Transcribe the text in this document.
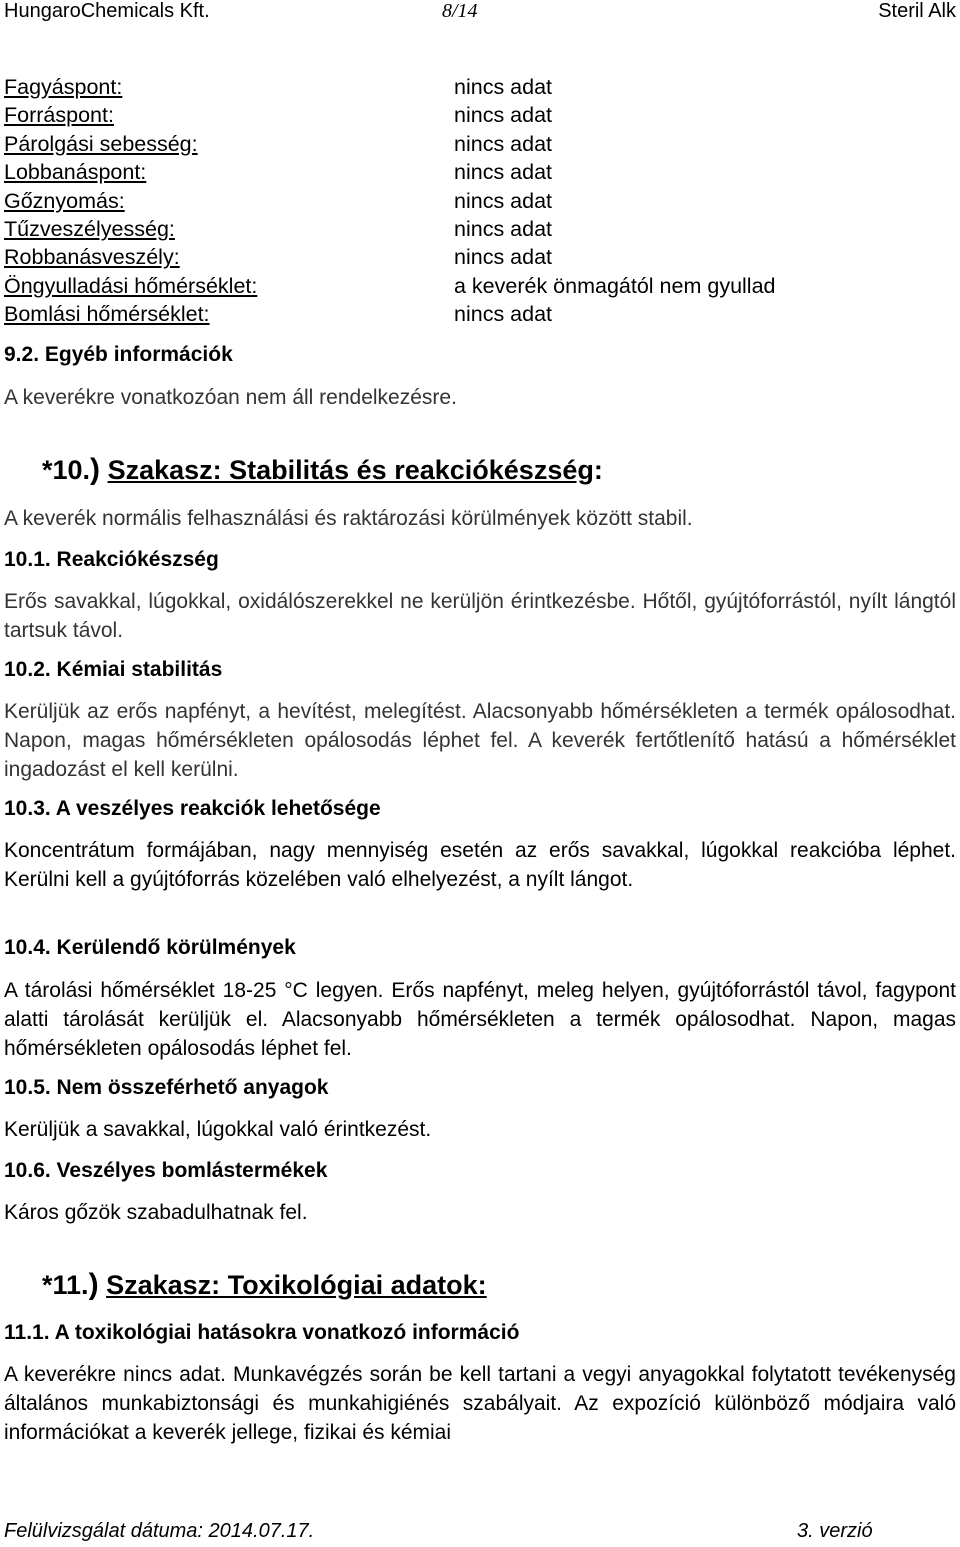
HungaroChemicals Kft.	8/14	Steril Alk
Fagyáspont:	nincs adat
Forráspont:	nincs adat
Párolgási sebesség:	nincs adat
Lobbanáspont:	nincs adat
Gőznyomás:	nincs adat
Tűzveszélyesség:	nincs adat
Robbanásveszély:	nincs adat
Öngyulladási hőmérséklet:	a keverék önmagától nem gyullad
Bomlási hőmérséklet:	nincs adat
9.2. Egyéb információk
A keverékre vonatkozóan nem áll rendelkezésre.
*10.) Szakasz: Stabilitás és reakciókészség:
A keverék normális felhasználási és raktározási körülmények között stabil.
10.1. Reakciókészség
Erős savakkal, lúgokkal, oxidálószerekkel ne kerüljön érintkezésbe. Hőtől, gyújtóforrástól, nyílt lángtól tartsuk távol.
10.2. Kémiai stabilitás
Kerüljük az erős napfényt, a hevítést, melegítést. Alacsonyabb hőmérsékleten a termék opálosodhat. Napon, magas hőmérsékleten opálosodás léphet fel. A keverék fertőtlenítő hatású a hőmérséklet ingadozást el kell kerülni.
10.3. A veszélyes reakciók lehetősége
Koncentrátum formájában, nagy mennyiség esetén az erős savakkal, lúgokkal reakcióba léphet. Kerülni kell a gyújtóforrás közelében való elhelyezést, a nyílt lángot.
10.4. Kerülendő körülmények
A tárolási hőmérséklet 18-25 °C legyen. Erős napfényt, meleg helyen, gyújtóforrástól távol, fagypont alatti tárolását kerüljük el. Alacsonyabb hőmérsékleten a termék opálosodhat. Napon, magas hőmérsékleten opálosodás léphet fel.
10.5. Nem összeférhető anyagok
Kerüljük a savakkal, lúgokkal való érintkezést.
10.6. Veszélyes bomlástermékek
Káros gőzök szabadulhatnak fel.
*11.) Szakasz: Toxikológiai adatok:
11.1. A toxikológiai hatásokra vonatkozó információ
A keverékre nincs adat. Munkavégzés során be kell tartani a vegyi anyagokkal folytatott tevékenység általános munkabiztonsági és munkahigiénés szabályait. Az expozíció különböző módjaira való információkat a keverék jellege, fizikai és kémiai
Felülvizsgálat dátuma: 2014.07.17.	3. verzió
